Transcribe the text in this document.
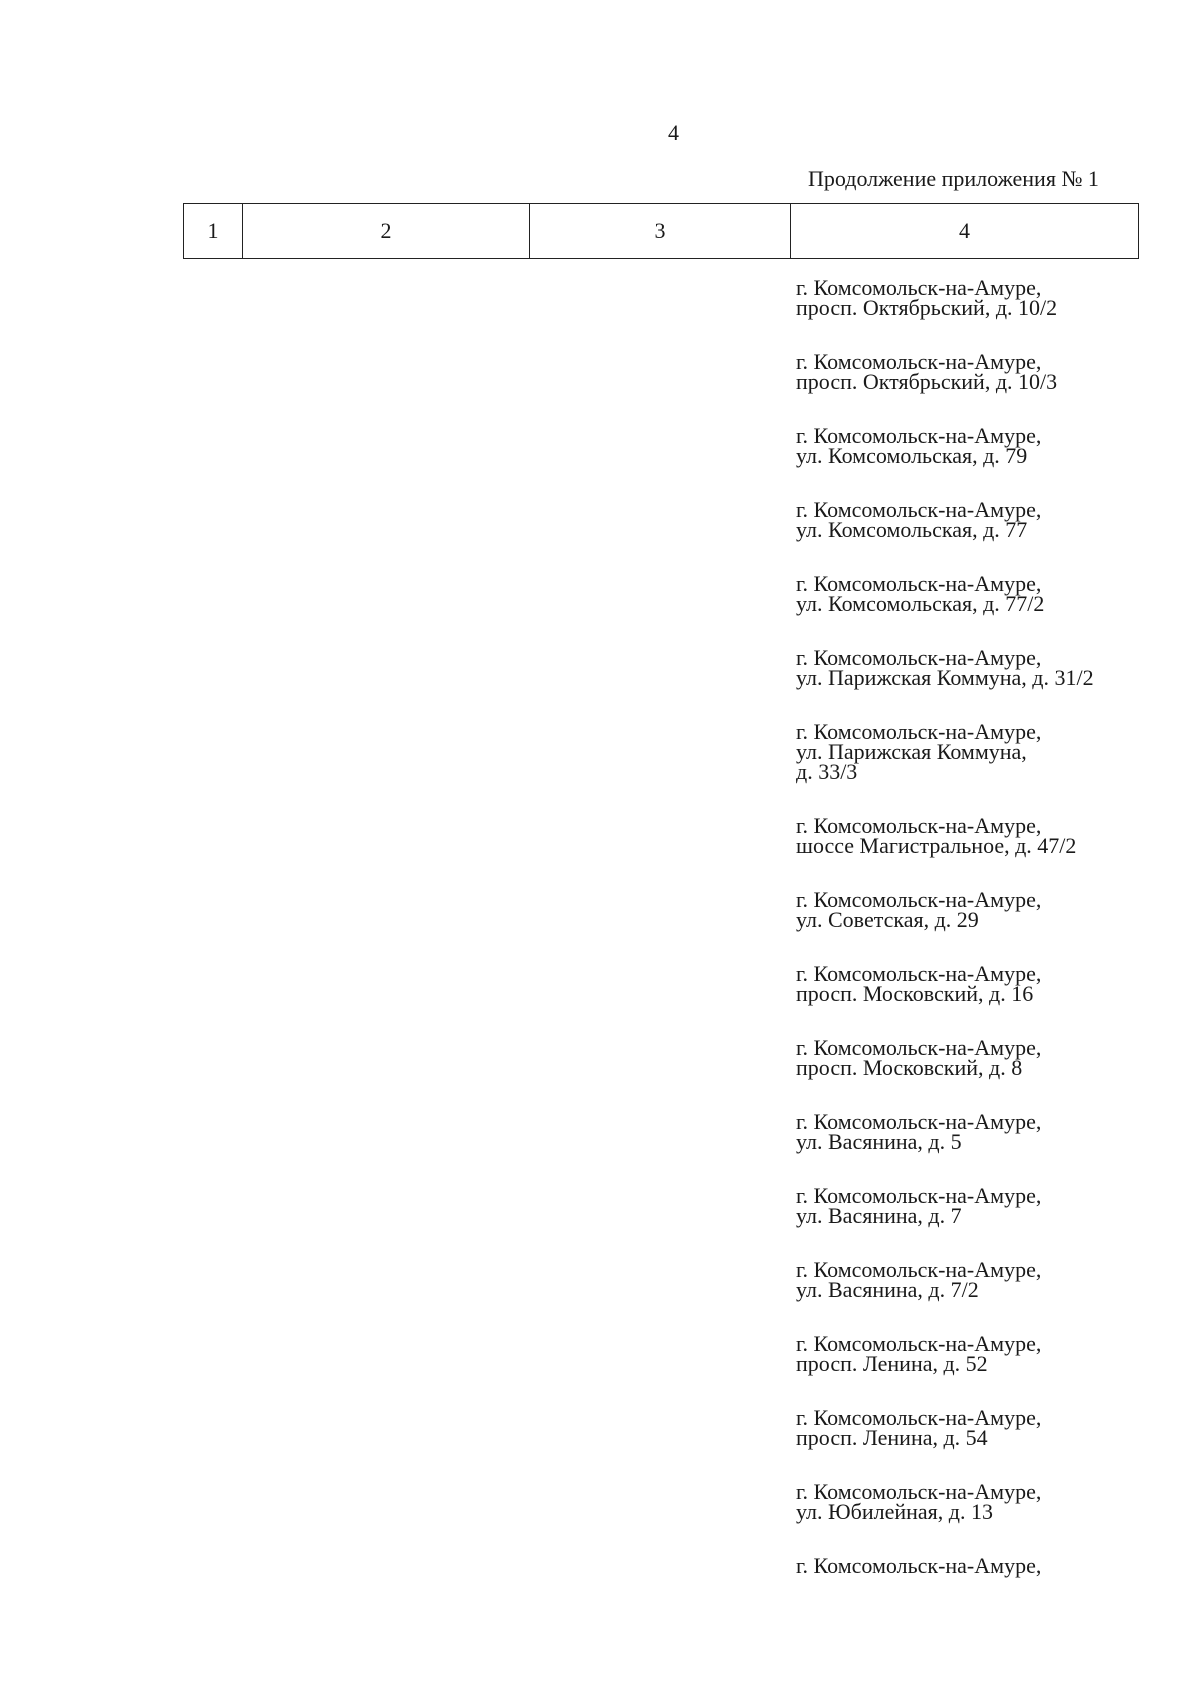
4
Продолжение приложения № 1
1	2	3	4
г. Комсомольск-на-Амуре,
просп. Октябрьский, д. 10/2
г. Комсомольск-на-Амуре,
просп. Октябрьский, д. 10/3
г. Комсомольск-на-Амуре,
ул. Комсомольская, д. 79
г. Комсомольск-на-Амуре,
ул. Комсомольская, д. 77
г. Комсомольск-на-Амуре,
ул. Комсомольская, д. 77/2
г. Комсомольск-на-Амуре,
ул. Парижская Коммуна, д. 31/2
г. Комсомольск-на-Амуре,
ул. Парижская Коммуна,
д. 33/3
г. Комсомольск-на-Амуре,
шоссе Магистральное, д. 47/2
г. Комсомольск-на-Амуре,
ул. Советская, д. 29
г. Комсомольск-на-Амуре,
просп. Московский, д. 16
г. Комсомольск-на-Амуре,
просп. Московский, д. 8
г. Комсомольск-на-Амуре,
ул. Васянина, д. 5
г. Комсомольск-на-Амуре,
ул. Васянина, д. 7
г. Комсомольск-на-Амуре,
ул. Васянина, д. 7/2
г. Комсомольск-на-Амуре,
просп. Ленина, д. 52
г. Комсомольск-на-Амуре,
просп. Ленина, д. 54
г. Комсомольск-на-Амуре,
ул. Юбилейная, д. 13
г. Комсомольск-на-Амуре,
